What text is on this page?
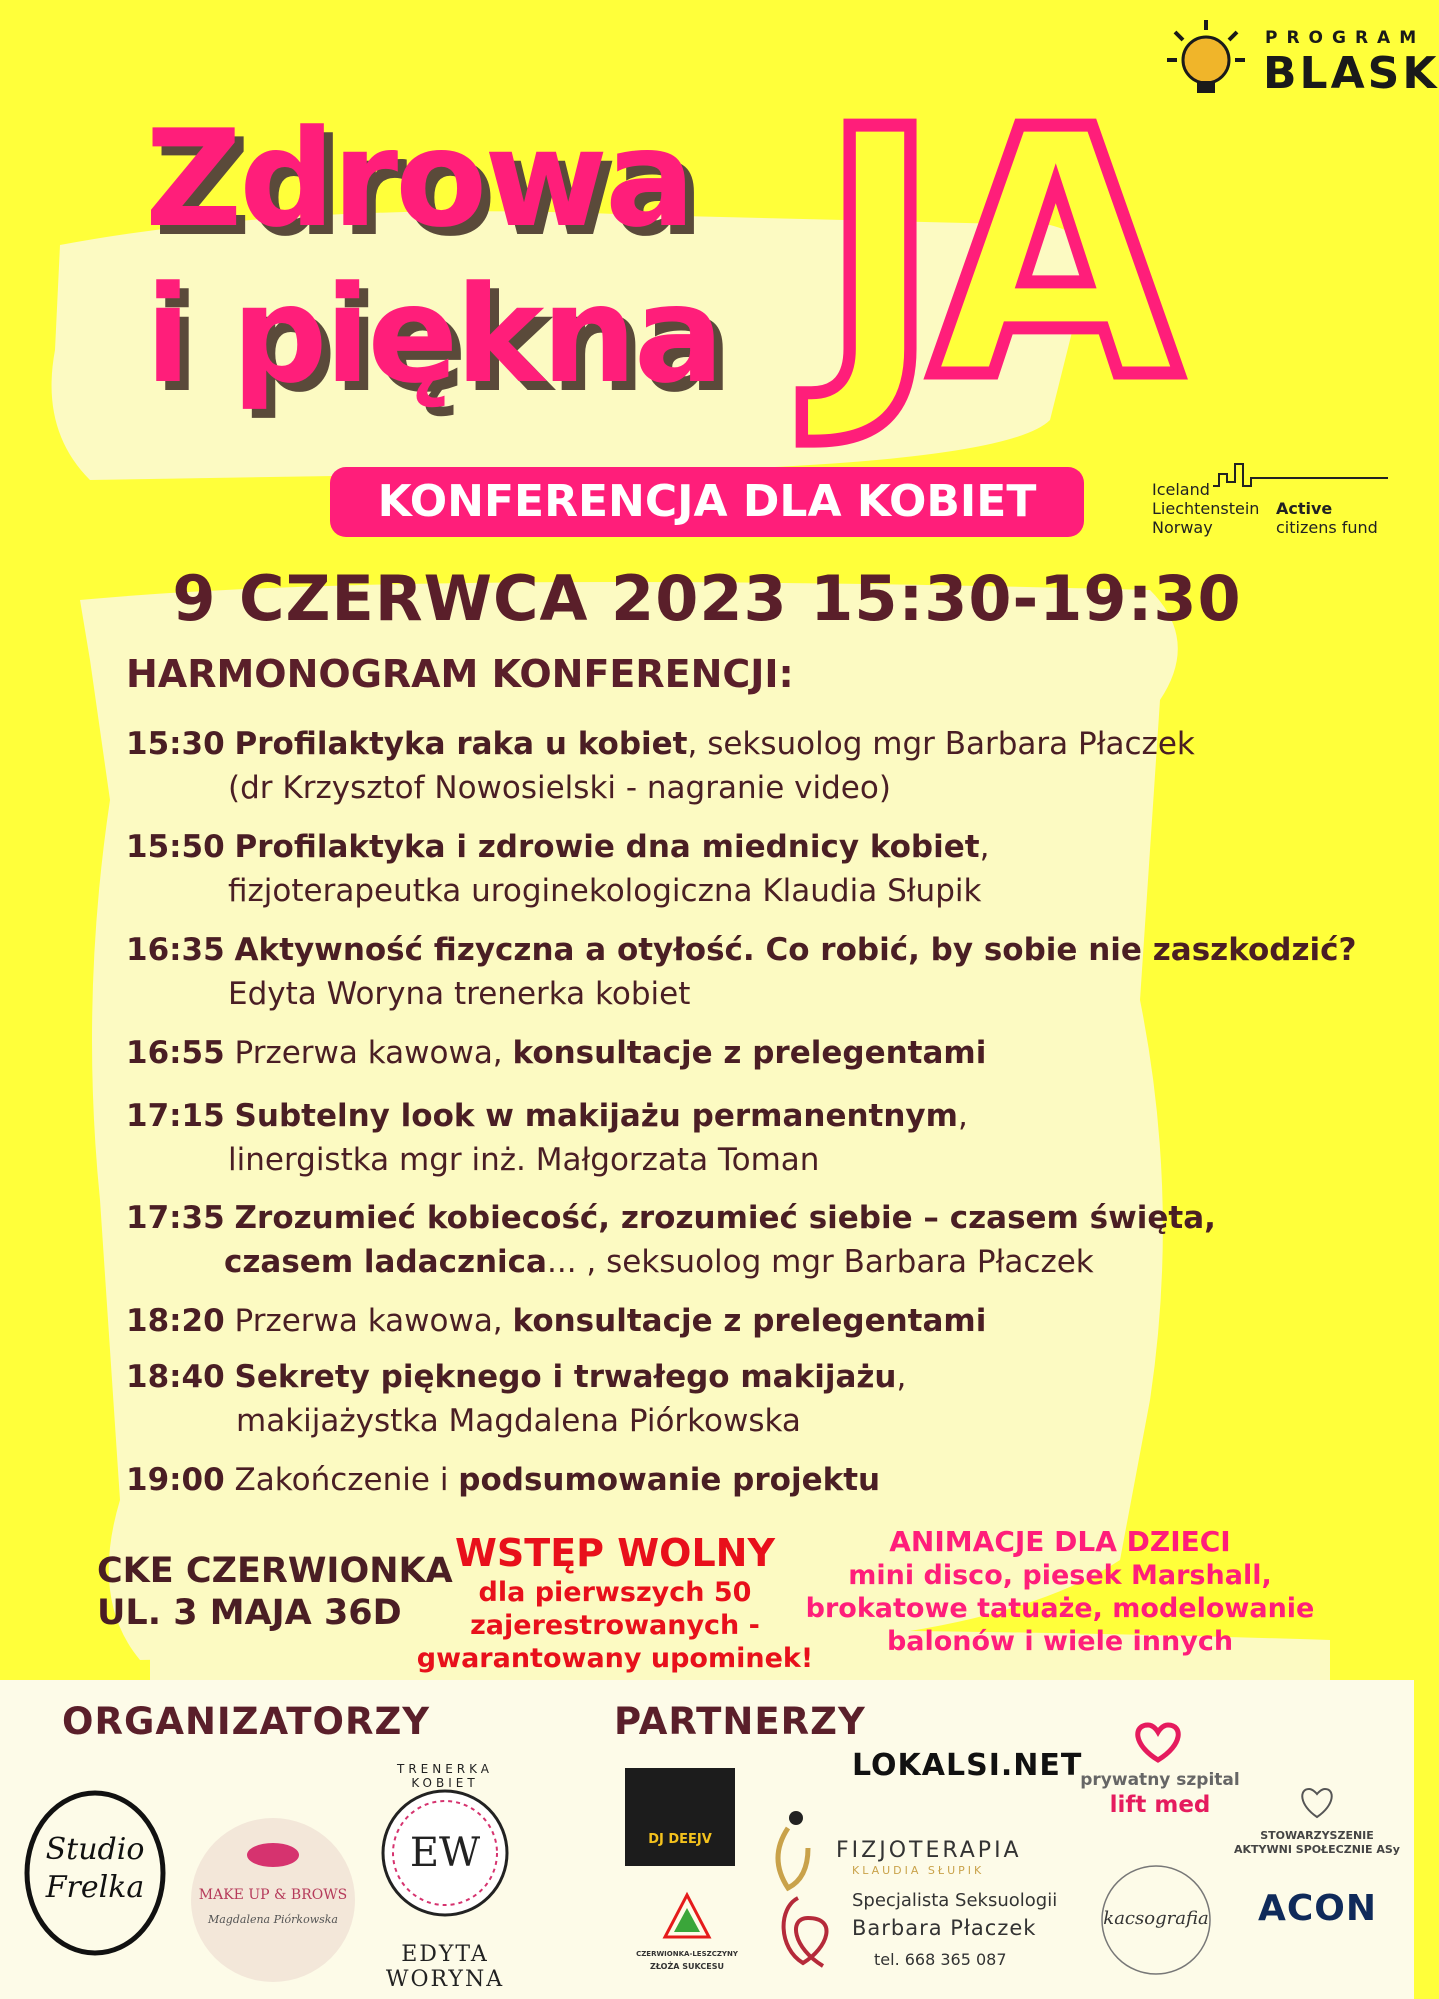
PROGRAM
BLASK
Zdrowa
i piękna JA
KONFERENCJA DLA KOBIET	Iceland
Liechtenstein
Norway
Active
citizens fund
9 CZERWCA 2023 15:30-19:30
HARMONOGRAM KONFERENCJI:
15:30 Profilaktyka raka u kobiet, seksuolog mgr Barbara Płaczek
(dr Krzysztof Nowosielski - nagranie video)
15:50 Profilaktyka i zdrowie dna miednicy kobiet,
fizjoterapeutka uroginekologiczna Klaudia Słupik
16:35 Aktywność fizyczna a otyłość. Co robić, by sobie nie zaszkodzić?
Edyta Woryna trenerka kobiet
16:55 Przerwa kawowa, konsultacje z prelegentami
17:15 Subtelny look w makijażu permanentnym,
linergistka mgr inż. Małgorzata Toman
17:35 Zrozumieć kobiecość, zrozumieć siebie – czasem święta,
czasem ladacznica... , seksuolog mgr Barbara Płaczek
18:20 Przerwa kawowa, konsultacje z prelegentami
18:40 Sekrety pięknego i trwałego makijażu,
makijażystka Magdalena Piórkowska
19:00 Zakończenie i podsumowanie projektu
CKE CZERWIONKA
UL. 3 MAJA 36D
WSTĘP WOLNY
dla pierwszych 50
zajerestrowanych -
gwarantowany upominek!
ANIMACJE DLA DZIECI
mini disco, piesek Marshall,
brokatowe tatuaże, modelowanie
balonów i wiele innych
ORGANIZATORZY	PARTNERZY
Studio
Frelka	MAKE UP & BROWS
Magdalena Piórkowska
TRENERKA KOBIET
EW
EDYTA WORYNA
DJ DEEJV
LOKALSI.NET
FIZJOTERAPIA
KLAUDIA SŁUPIK
prywatny szpital
lift med
STOWARZYSZENIE
AKTYWNI SPOŁECZNIE ASy
CZERWIONKA-LESZCZYNY
ZŁOŻA SUKCESU
Specjalista Seksuologii
Barbara Płaczek
tel. 668 365 087
kacsografia	ACON
